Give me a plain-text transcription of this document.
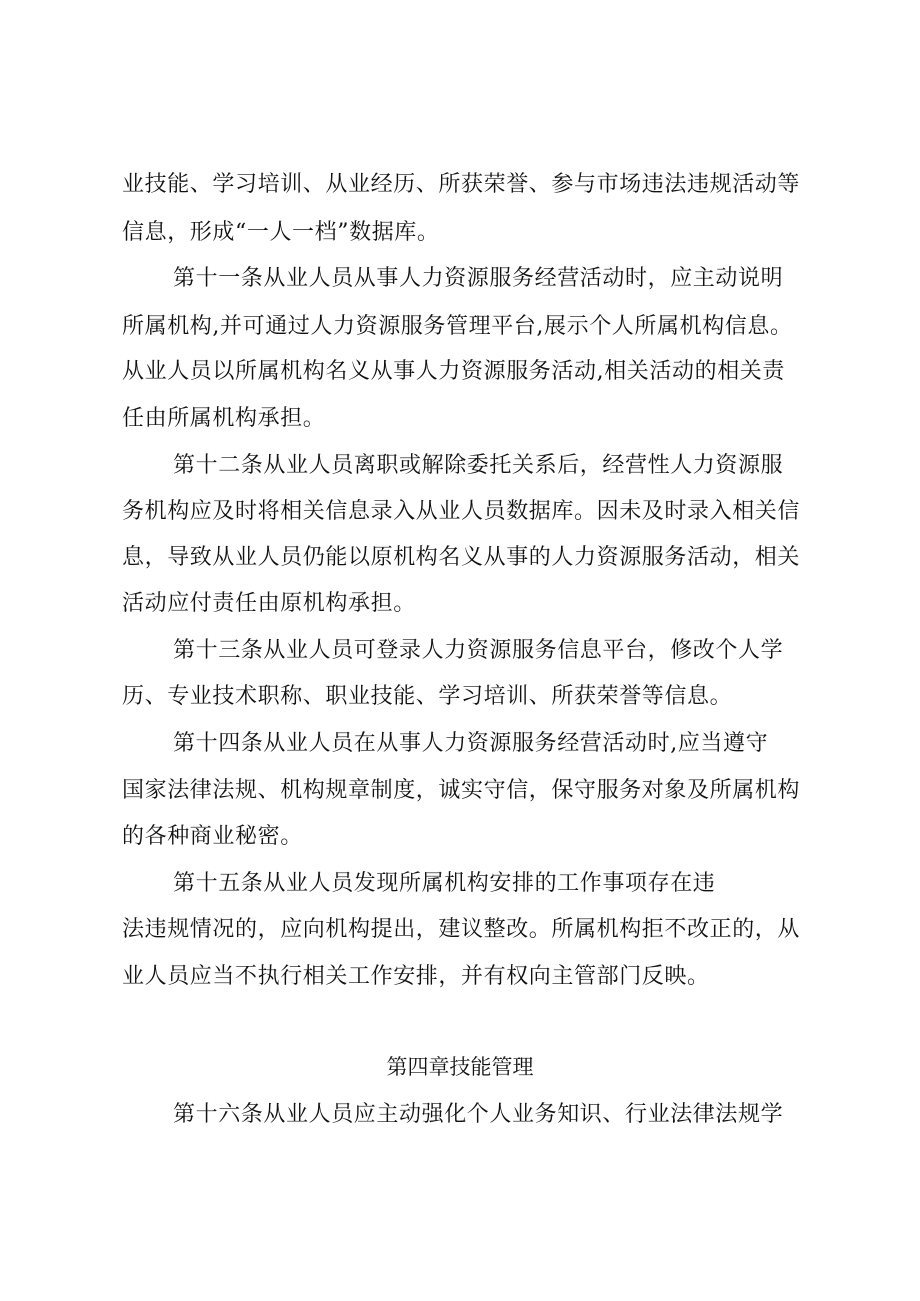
业技能、学习培训、从业经历、所获荣誉、参与市场违法违规活动等
信息，形成“一人一档”数据库。
第十一条从业人员从事人力资源服务经营活动时，应主动说明
所属机构,并可通过人力资源服务管理平台,展示个人所属机构信息。
从业人员以所属机构名义从事人力资源服务活动,相关活动的相关责
任由所属机构承担。
第十二条从业人员离职或解除委托关系后，经营性人力资源服
务机构应及时将相关信息录入从业人员数据库。因未及时录入相关信
息，导致从业人员仍能以原机构名义从事的人力资源服务活动，相关
活动应付责任由原机构承担。
第十三条从业人员可登录人力资源服务信息平台，修改个人学
历、专业技术职称、职业技能、学习培训、所获荣誉等信息。
第十四条从业人员在从事人力资源服务经营活动时,应当遵守
国家法律法规、机构规章制度，诚实守信，保守服务对象及所属机构
的各种商业秘密。
第十五条从业人员发现所属机构安排的工作事项存在违
法违规情况的，应向机构提出，建议整改。所属机构拒不改正的，从
业人员应当不执行相关工作安排，并有权向主管部门反映。
第四章技能管理
第十六条从业人员应主动强化个人业务知识、行业法律法规学
